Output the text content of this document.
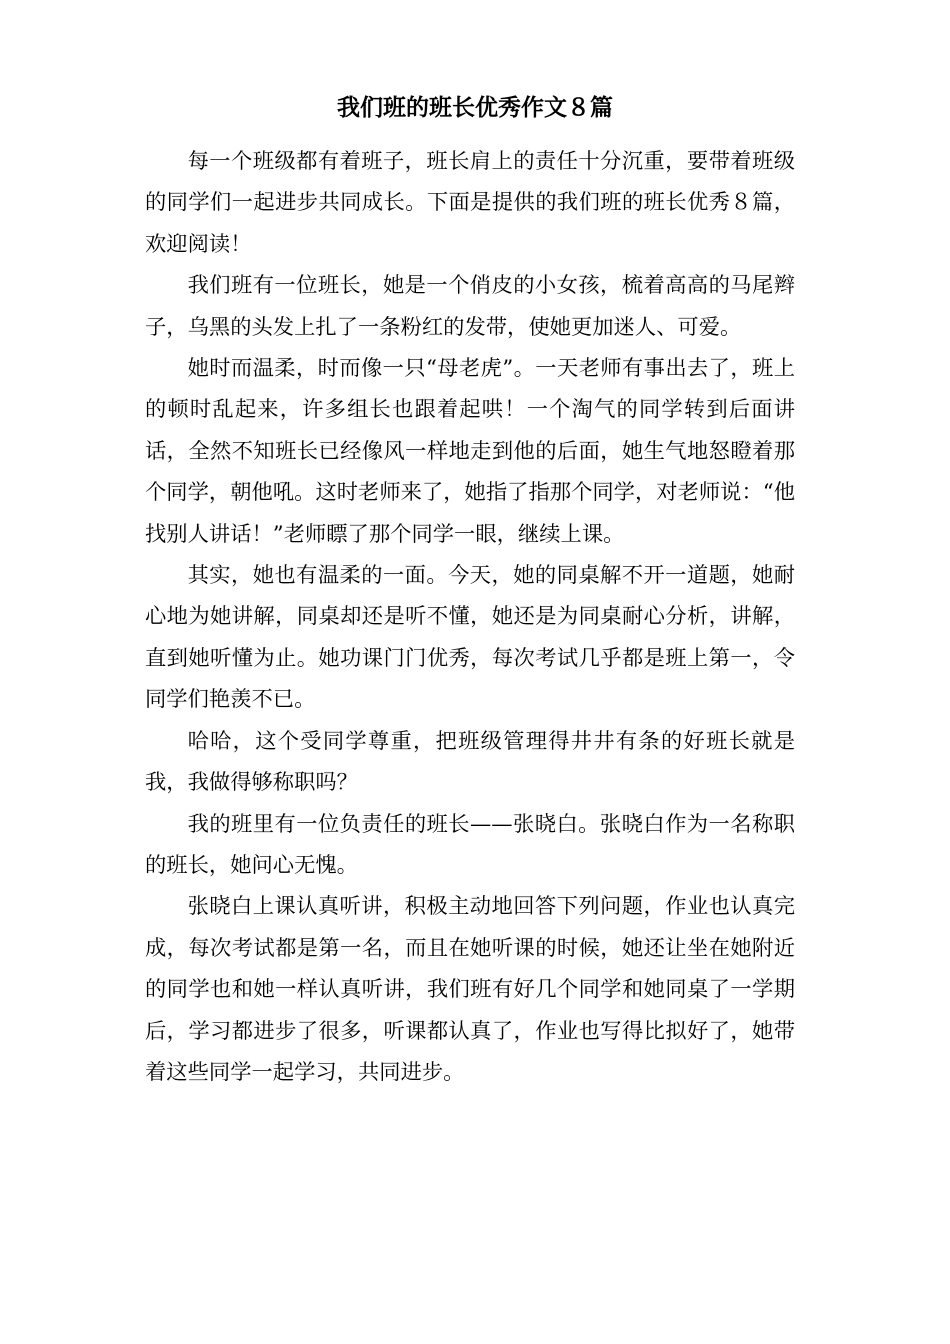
我们班的班长优秀作文８篇

每一个班级都有着班子，班长肩上的责任十分沉重，要带着班级的同学们一起进步共同成长。下面是提供的我们班的班长优秀８篇，欢迎阅读！

我们班有一位班长，她是一个俏皮的小女孩，梳着高高的马尾辫子，乌黑的头发上扎了一条粉红的发带，使她更加迷人、可爱。

她时而温柔，时而像一只“母老虎”。一天老师有事出去了，班上的顿时乱起来，许多组长也跟着起哄！一个淘气的同学转到后面讲话，全然不知班长已经像风一样地走到他的后面，她生气地怒瞪着那个同学，朝他吼。这时老师来了，她指了指那个同学，对老师说：“他找别人讲话！”老师瞟了那个同学一眼，继续上课。

其实，她也有温柔的一面。今天，她的同桌解不开一道题，她耐心地为她讲解，同桌却还是听不懂，她还是为同桌耐心分析，讲解，直到她听懂为止。她功课门门优秀，每次考试几乎都是班上第一，令同学们艳羡不已。

哈哈，这个受同学尊重，把班级管理得井井有条的好班长就是我，我做得够称职吗？

我的班里有一位负责任的班长——张晓白。张晓白作为一名称职的班长，她问心无愧。

张晓白上课认真听讲，积极主动地回答下列问题，作业也认真完成，每次考试都是第一名，而且在她听课的时候，她还让坐在她附近的同学也和她一样认真听讲，我们班有好几个同学和她同桌了一学期后，学习都进步了很多，听课都认真了，作业也写得比拟好了，她带着这些同学一起学习，共同进步。
